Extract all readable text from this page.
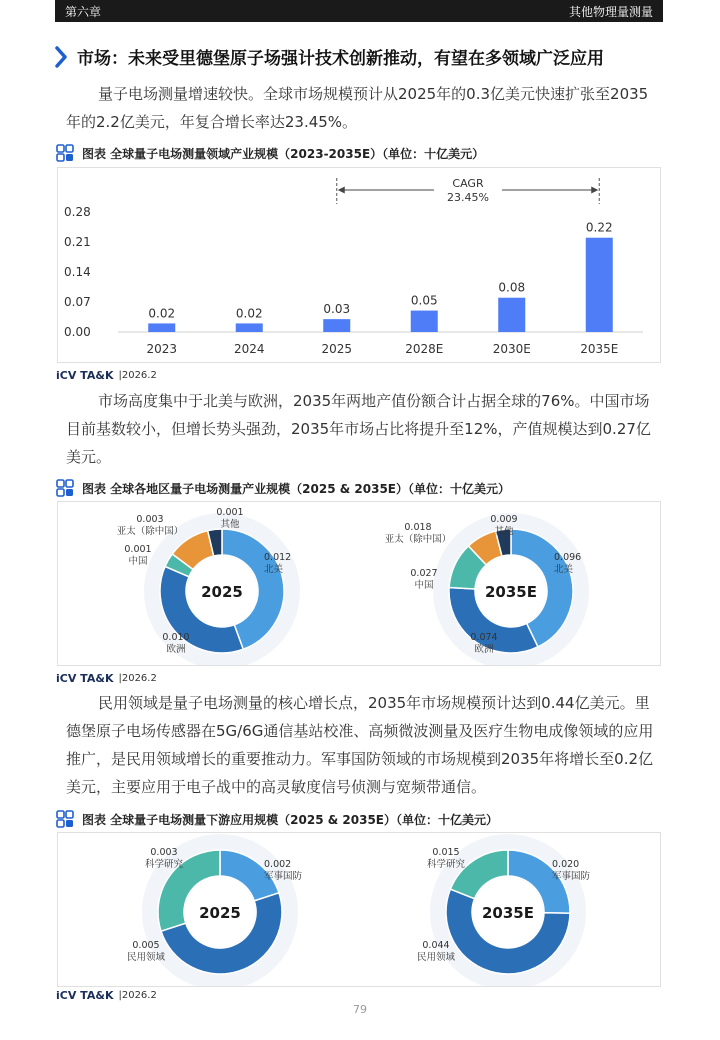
第六章	其他物理量测量
市场：未来受里德堡原子场强计技术创新推动，有望在多领域广泛应用

量子电场测量增速较快。全球市场规模预计从2025年的0.3亿美元快速扩张至2035年的2.2亿美元，年复合增长率达23.45%。

图表 全球量子电场测量领域产业规模（2023-2035E）（单位：十亿美元）
0.00
0.07
0.14
0.21
0.28
0.02
2023
0.02
2024
0.03
2025
0.05
2028E
0.08
2030E
0.22
2035E
CAGR
23.45%
iCV TA&K |2026.2

市场高度集中于北美与欧洲，2035年两地产值份额合计占据全球的76%。中国市场目前基数较小，但增长势头强劲，2035年市场占比将提升至12%，产值规模达到0.27亿美元。

图表 全球各地区量子电场测量产业规模（2025 & 2035E）（单位：十亿美元）
0.012
北美
0.010
欧洲
0.001
中国
0.003
亚太（除中国）
0.001
其他
2025
0.096
北美
0.074
欧洲
0.027
中国
0.018
亚太（除中国）
0.009
其他
2035E
iCV TA&K |2026.2

民用领域是量子电场测量的核心增长点，2035年市场规模预计达到0.44亿美元。里德堡原子电场传感器在5G/6G通信基站校准、高频微波测量及医疗生物电成像领域的应用推广，是民用领域增长的重要推动力。军事国防领域的市场规模到2035年将增长至0.2亿美元，主要应用于电子战中的高灵敏度信号侦测与宽频带通信。

图表 全球量子电场测量下游应用规模（2025 & 2035E）（单位：十亿美元）
0.002
军事国防
0.005
民用领域
0.003
科学研究
2025
0.020
军事国防
0.044
民用领域
0.015
科学研究
2035E
iCV TA&K |2026.2
79
